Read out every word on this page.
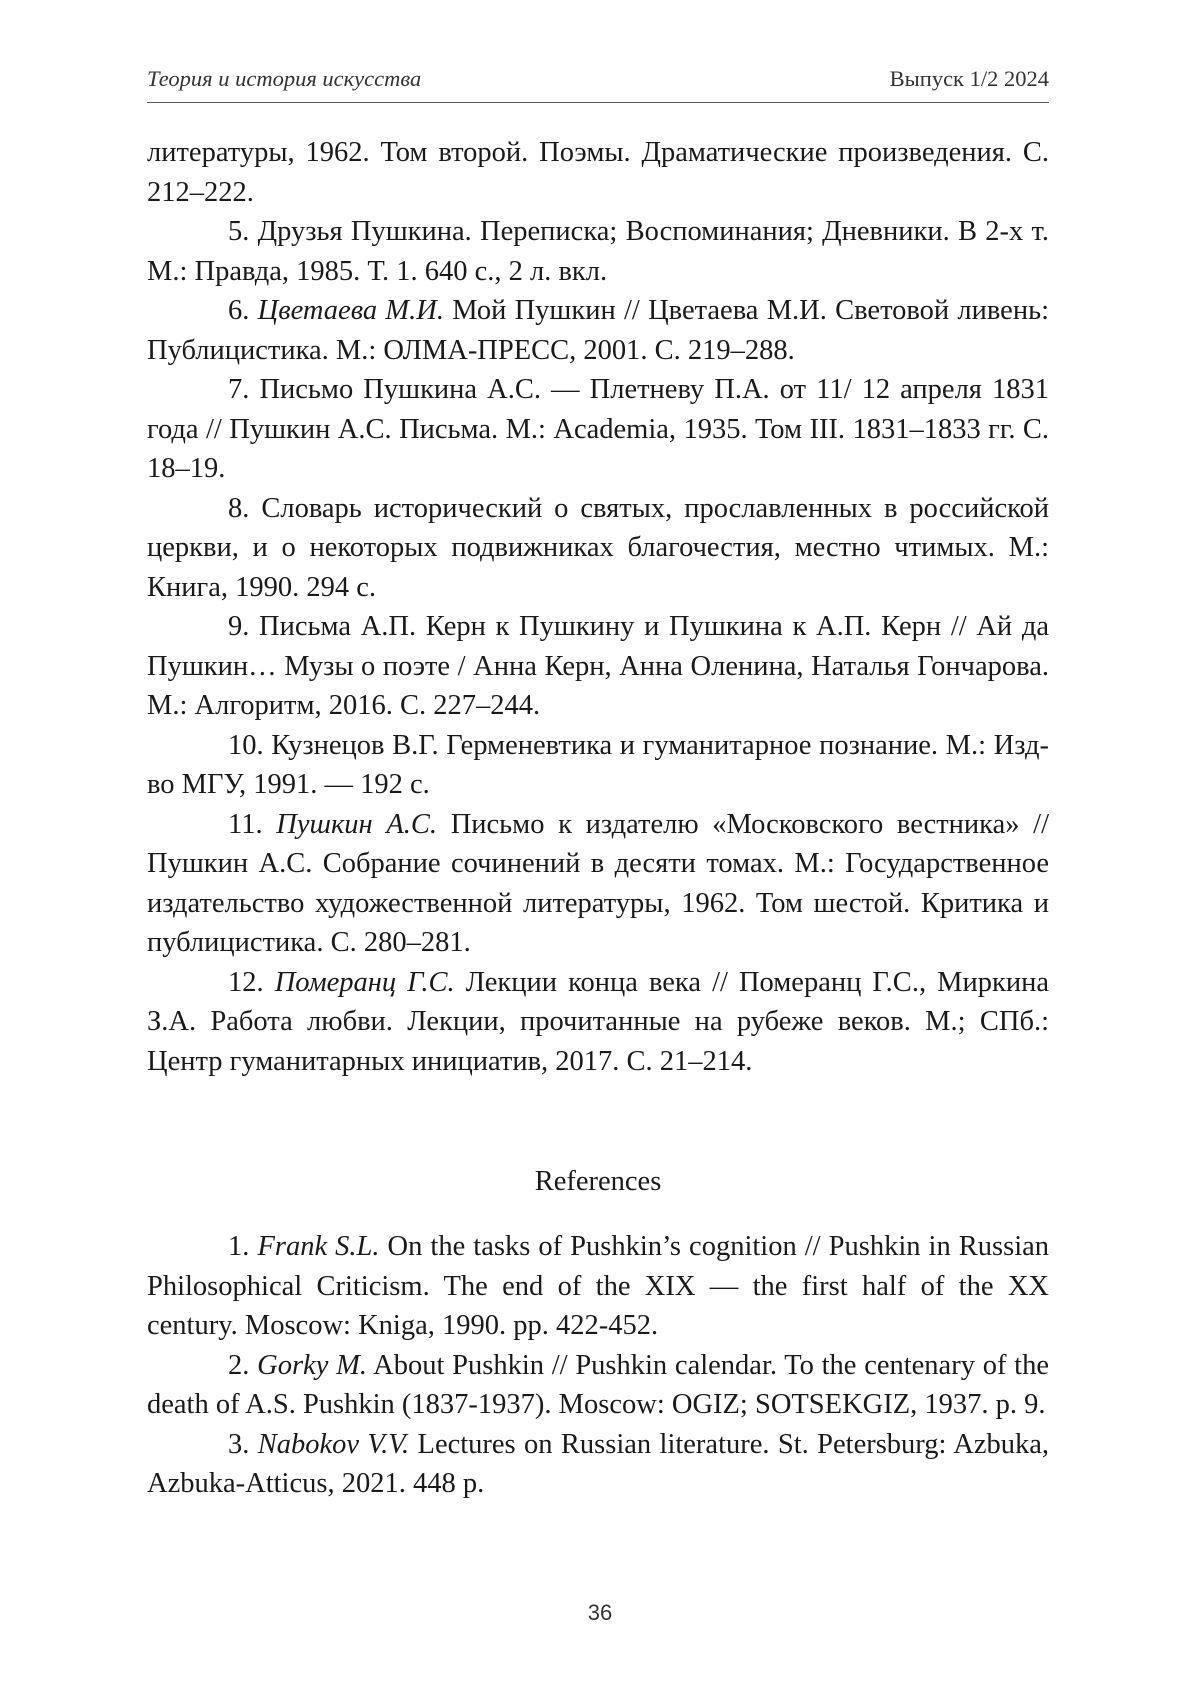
Теория и история искусства	Выпуск 1/2 2024

литературы, 1962. Том второй. Поэмы. Драматические произведения. С. 212–222.

5. Друзья Пушкина. Переписка; Воспоминания; Дневники. В 2-х т. М.: Правда, 1985. Т. 1. 640 с., 2 л. вкл.

6. Цветаева М.И. Мой Пушкин // Цветаева М.И. Световой ливень: Публицистика. М.: ОЛМА-ПРЕСС, 2001. С. 219–288.

7. Письмо Пушкина А.С. — Плетневу П.А. от 11/ 12 апреля 1831 года // Пушкин А.С. Письма. М.: Academia, 1935. Том III. 1831–1833 гг. С. 18–19.

8. Словарь исторический о святых, прославленных в российской церкви, и о некоторых подвижниках благочестия, местно чтимых. М.: Книга, 1990. 294 с.

9. Письма А.П. Керн к Пушкину и Пушкина к А.П. Керн // Ай да Пушкин… Музы о поэте / Анна Керн, Анна Оленина, Наталья Гончарова. М.: Алгоритм, 2016. С. 227–244.

10. Кузнецов В.Г. Герменевтика и гуманитарное познание. М.: Изд-во МГУ, 1991. — 192 с.

11. Пушкин А.С. Письмо к издателю «Московского вестника» // Пушкин А.С. Собрание сочинений в десяти томах. М.: Государственное издательство художественной литературы, 1962. Том шестой. Критика и публицистика. С. 280–281.

12. Померанц Г.С. Лекции конца века // Померанц Г.С., Миркина З.А. Работа любви. Лекции, прочитанные на рубеже веков. М.; СПб.: Центр гуманитарных инициатив, 2017. С. 21–214.

References

1. Frank S.L. On the tasks of Pushkin’s cognition // Pushkin in Russian Philosophical Criticism. The end of the XIX — the first half of the XX century. Moscow: Kniga, 1990. pp. 422-452.

2. Gorky M. About Pushkin // Pushkin calendar. To the centenary of the death of A.S. Pushkin (1837-1937). Moscow: OGIZ; SOTSEKGIZ, 1937. p. 9.

3. Nabokov V.V. Lectures on Russian literature. St. Petersburg: Azbuka, Azbuka-Atticus, 2021. 448 p.

36
